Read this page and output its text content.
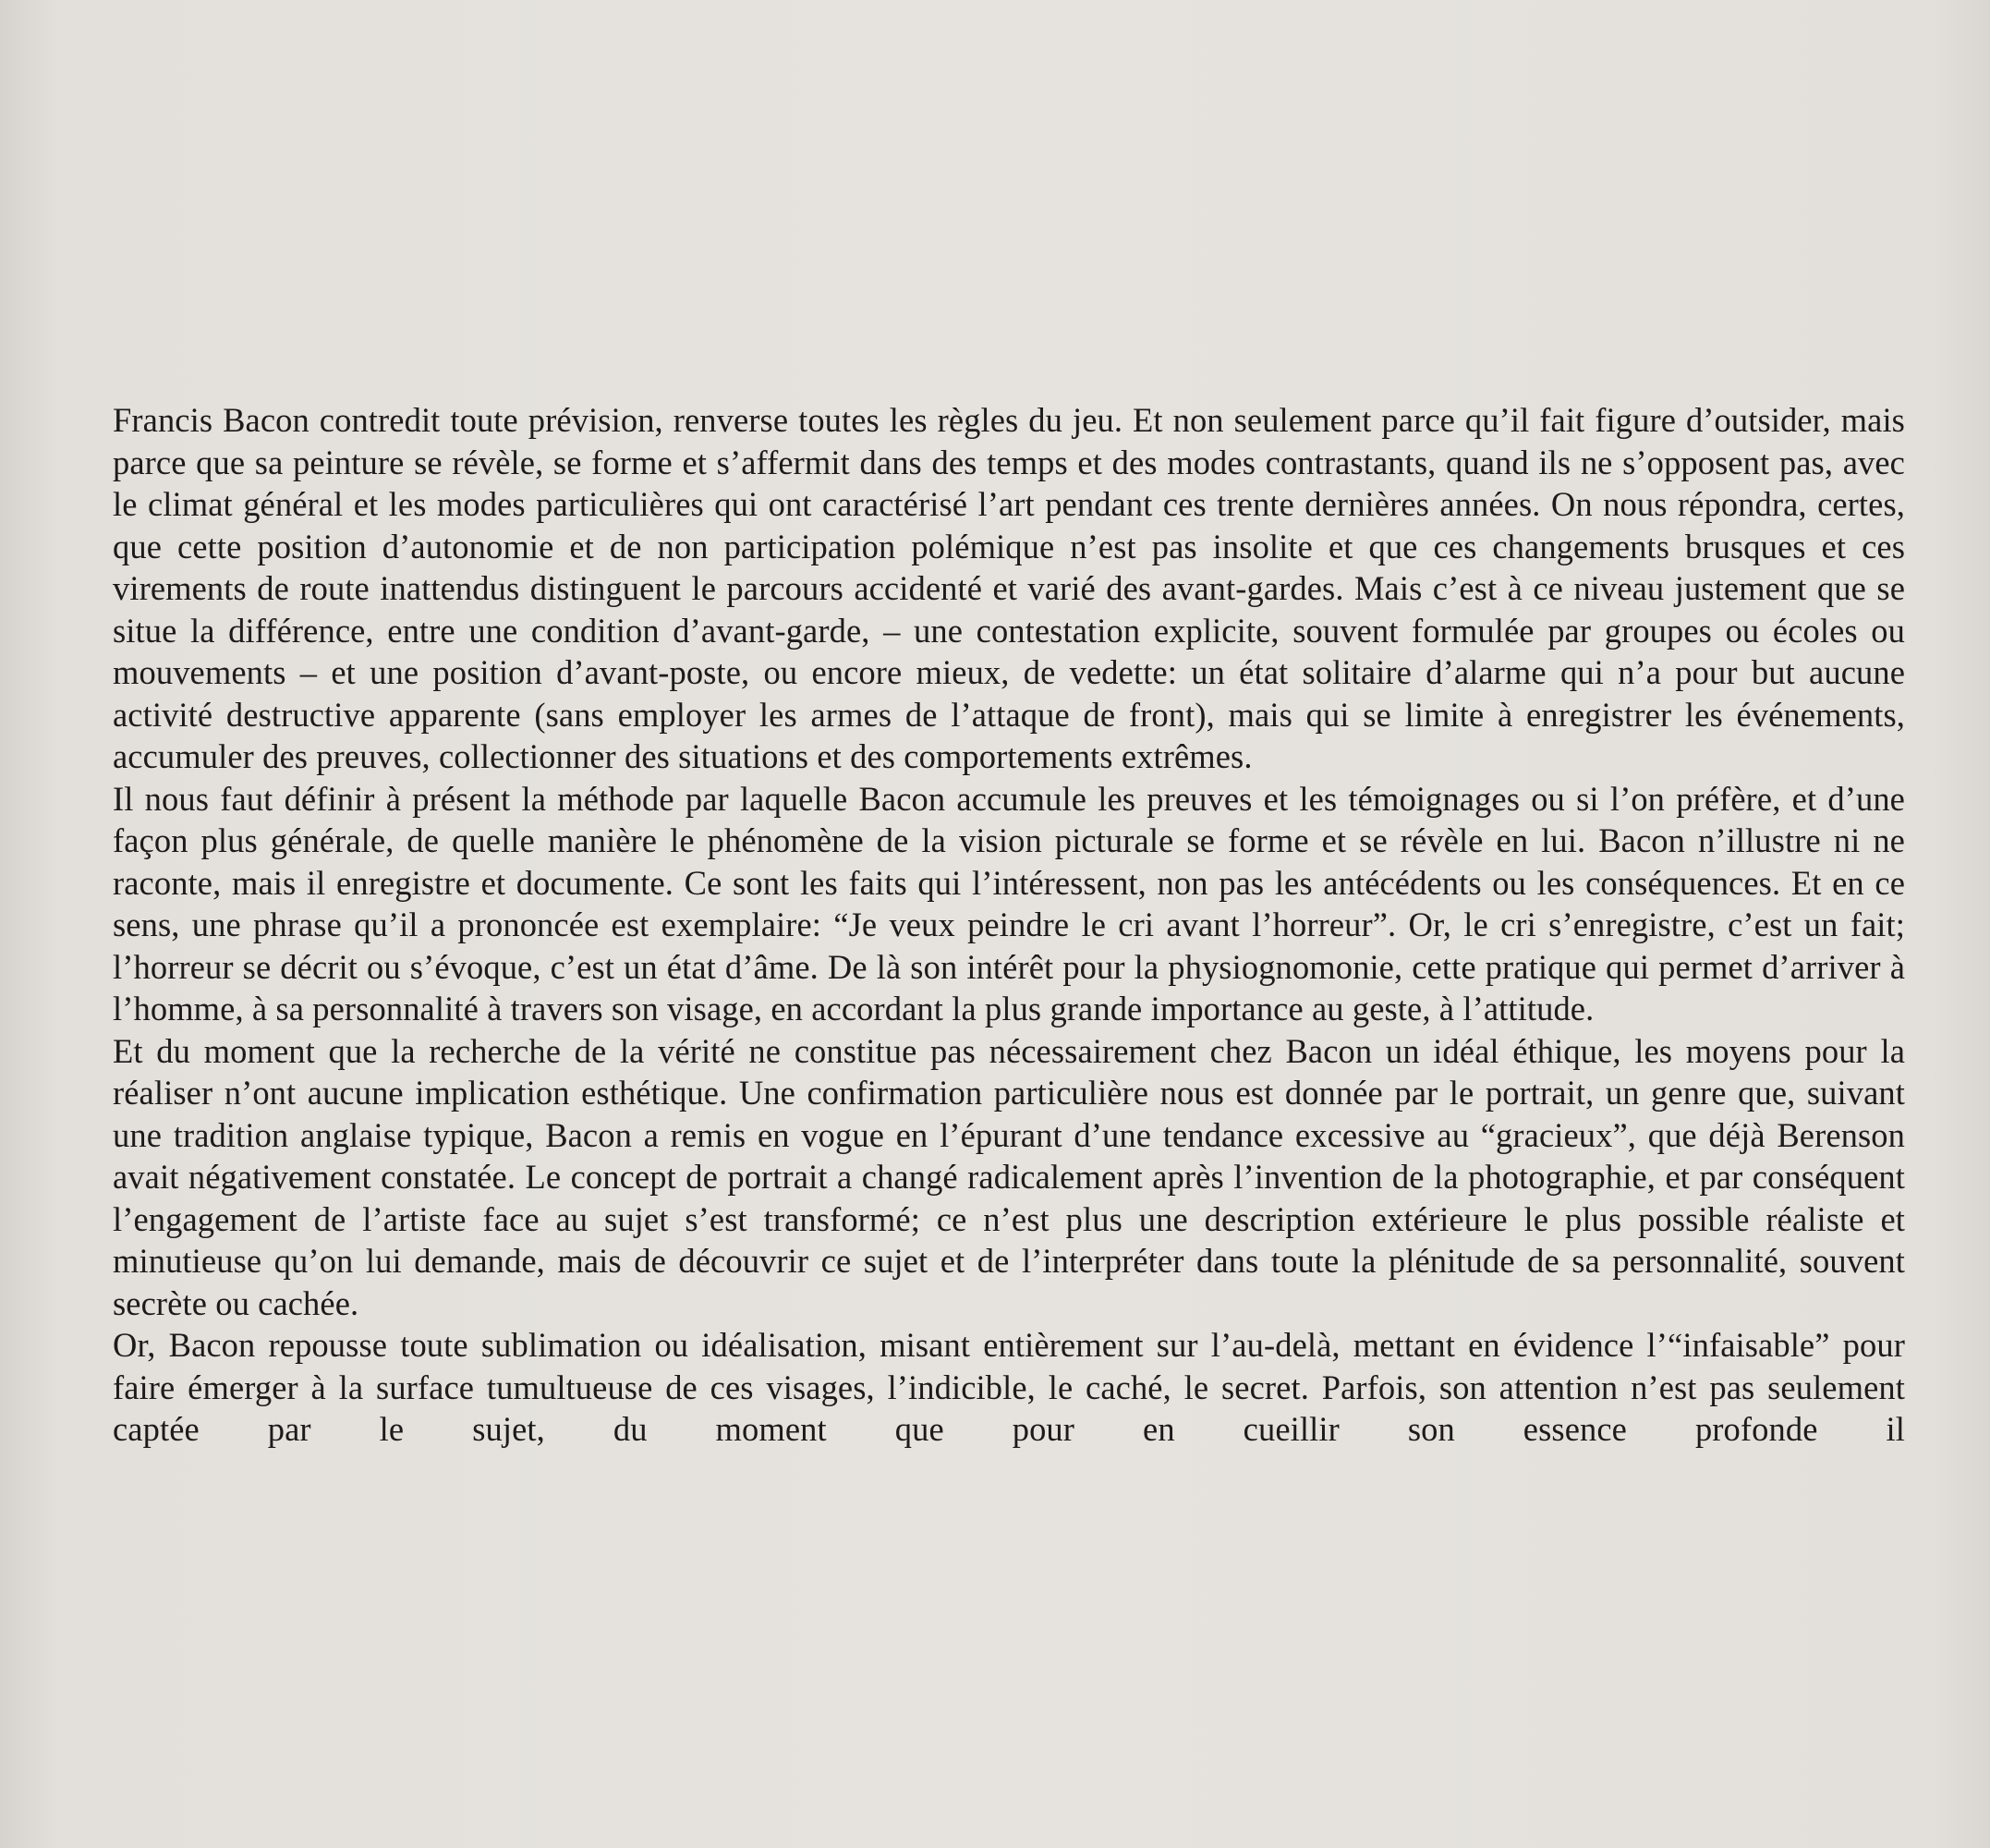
Francis Bacon contredit toute prévision, renverse toutes les règles du jeu. Et non seulement parce qu’il fait figure d’outsider, mais parce que sa peinture se révèle, se forme et s’affermit dans des temps et des modes contrastants, quand ils ne s’opposent pas, avec le climat général et les modes particulières qui ont caractérisé l’art pendant ces trente dernières années. On nous répondra, certes, que cette position d’autonomie et de non participation polémique n’est pas insolite et que ces changements brusques et ces virements de route inattendus distinguent le parcours accidenté et varié des avant-gardes. Mais c’est à ce niveau justement que se situe la différence, entre une condition d’avant-garde, – une contestation explicite, souvent formulée par groupes ou écoles ou mouvements – et une position d’avant-poste, ou encore mieux, de vedette: un état solitaire d’alarme qui n’a pour but aucune activité destructive apparente (sans employer les armes de l’attaque de front), mais qui se limite à enregistrer les événements, accumuler des preuves, collectionner des situations et des comportements extrêmes.

Il nous faut définir à présent la méthode par laquelle Bacon accumule les preuves et les témoignages ou si l’on préfère, et d’une façon plus générale, de quelle manière le phénomène de la vision picturale se forme et se révèle en lui. Bacon n’illustre ni ne raconte, mais il enregistre et documente. Ce sont les faits qui l’intéressent, non pas les antécédents ou les conséquences. Et en ce sens, une phrase qu’il a prononcée est exemplaire: “Je veux peindre le cri avant l’horreur”. Or, le cri s’enregistre, c’est un fait; l’horreur se décrit ou s’évoque, c’est un état d’âme. De là son intérêt pour la physiognomonie, cette pratique qui permet d’arriver à l’homme, à sa personnalité à travers son visage, en accordant la plus grande importance au geste, à l’attitude.

Et du moment que la recherche de la vérité ne constitue pas nécessairement chez Bacon un idéal éthique, les moyens pour la réaliser n’ont aucune implication esthétique. Une confirmation particulière nous est donnée par le portrait, un genre que, suivant une tradition anglaise typique, Bacon a remis en vogue en l’épurant d’une tendance excessive au “gracieux”, que déjà Berenson avait négativement constatée. Le concept de portrait a changé radicalement après l’invention de la photographie, et par conséquent l’engagement de l’artiste face au sujet s’est transformé; ce n’est plus une description extérieure le plus possible réaliste et minutieuse qu’on lui demande, mais de découvrir ce sujet et de l’interpréter dans toute la plénitude de sa personnalité, souvent secrète ou cachée.

Or, Bacon repousse toute sublimation ou idéalisation, misant entièrement sur l’au-delà, mettant en évidence l’“infaisable” pour faire émerger à la surface tumultueuse de ces visages, l’indicible, le caché, le secret. Parfois, son attention n’est pas seulement captée par le sujet, du moment que pour en cueillir son essence profonde il
